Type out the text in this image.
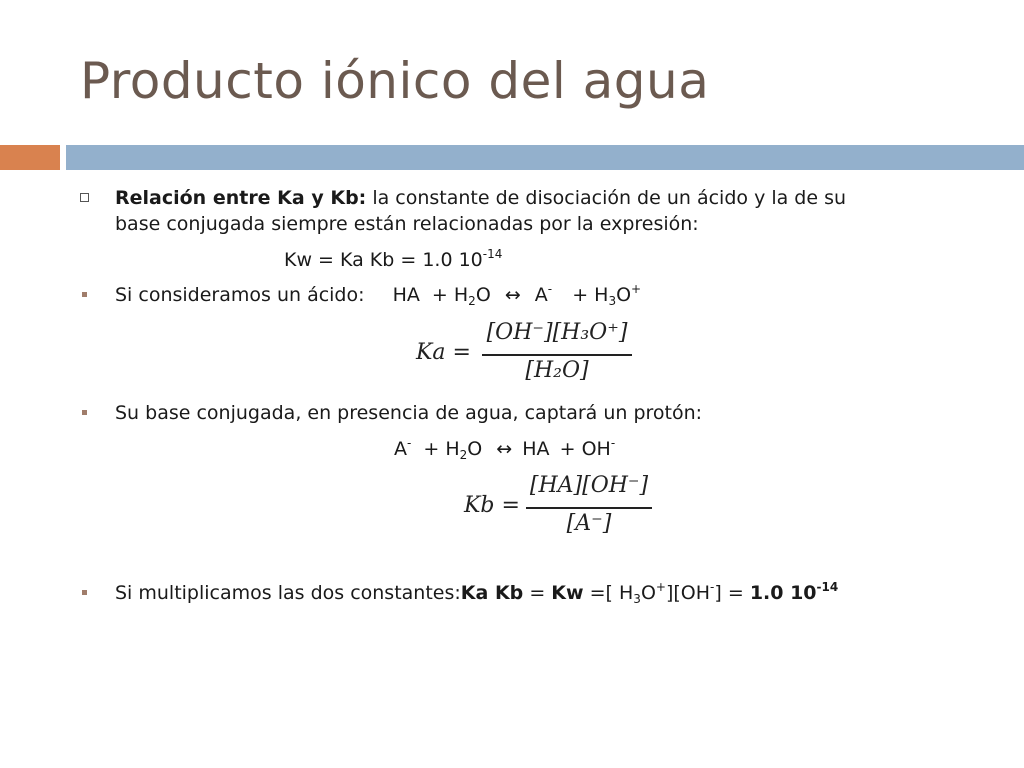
Producto iónico del agua
Relación entre Ka y Kb: la constante de disociación de un ácido y la de su
base conjugada siempre están relacionadas por la expresión:
Kw = Ka Kb = 1.0 $10^{-14}$
Si consideramos un ácido: HA + $H_2O$ ↔ $A^- + H_3O^+$
Ka =
[OH⁻][H₃O⁺]
[H₂O]
Su base conjugada, en presencia de agua, captará un protón:
$A^- + H_2O$ ↔ HA + OH-
Kb =
[HA][OH⁻]
[A⁻]
Si multiplicamos las dos constantes:Ka Kb = Kw =[ $H_3O^+][OH^-] = 1.0$ $10^{-14}$
